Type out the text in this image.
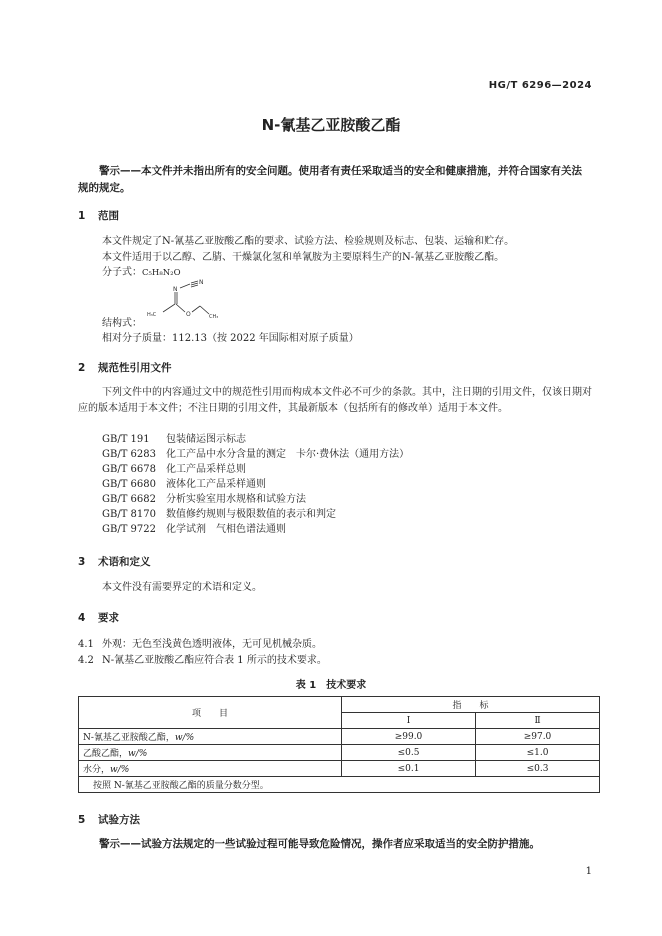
HG/T 6296—2024
N-氰基乙亚胺酸乙酯
警示——本文件并未指出所有的安全问题。使用者有责任采取适当的安全和健康措施，并符合国家有关法规的规定。
1 范围
本文件规定了N-氰基乙亚胺酸乙酯的要求、试验方法、检验规则及标志、包装、运输和贮存。
本文件适用于以乙醇、乙腈、干燥氯化氢和单氰胺为主要原料生产的N-氰基乙亚胺酸乙酯。
分子式：C₅H₈N₂O
N
N
O
H₃C	CH₃
结构式：
相对分子质量：112.13（按 2022 年国际相对原子质量）
2 规范性引用文件
下列文件中的内容通过文中的规范性引用而构成本文件必不可少的条款。其中，注日期的引用文件，仅该日期对应的版本适用于本文件；不注日期的引用文件，其最新版本（包括所有的修改单）适用于本文件。
GB/T 191 包装储运图示标志
GB/T 6283 化工产品中水分含量的测定　卡尔·费休法（通用方法）
GB/T 6678 化工产品采样总则
GB/T 6680 液体化工产品采样通则
GB/T 6682 分析实验室用水规格和试验方法
GB/T 8170 数值修约规则与极限数值的表示和判定
GB/T 9722 化学试剂　气相色谱法通则
3 术语和定义
本文件没有需要界定的术语和定义。
4 要求
4.1 外观：无色至浅黄色透明液体，无可见机械杂质。
4.2 N-氰基乙亚胺酸乙酯应符合表 1 所示的技术要求。
表 1　技术要求
项　　目	指　　标	
	Ⅰ	Ⅱ
N-氰基乙亚胺酸乙酯，w/%	≥99.0	≥97.0
乙酸乙酯，w/%	≤0.5	≤1.0
水分，w/%	≤0.1	≤0.3
按照 N-氰基乙亚胺酸乙酯的质量分数分型。		
5 试验方法
警示——试验方法规定的一些试验过程可能导致危险情况，操作者应采取适当的安全防护措施。
1
